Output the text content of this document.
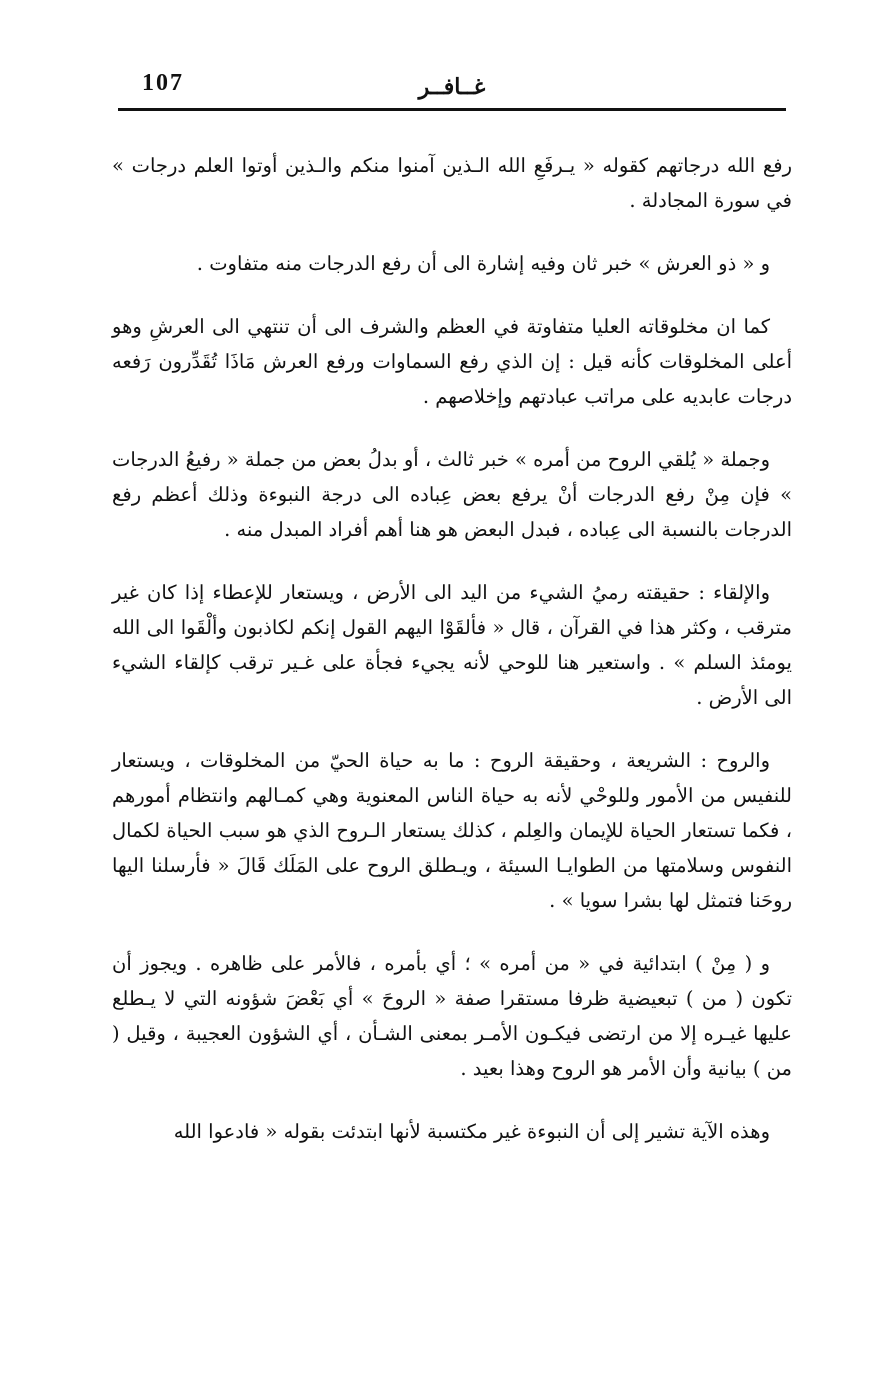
107	غــافــر

رفع الله درجاتهم كقوله « يـرفَعِ الله الـذين آمنوا منكم والـذين أوتوا العلم درجات » في سورة المجادلة .

و « ذو العرش » خبر ثان وفيه إشارة الى أن رفع الدرجات منه متفاوت .

كما ان مخلوقاته العليا متفاوتة في العظم والشرف الى أن تنتهي الى العرشِ وهو أعلى المخلوقات كأنه قيل : إن الذي رفع السماوات ورفع العرش مَاذَا تُقَدِّرون رَفعه درجات عابديه على مراتب عبادتهم وإخلاصهم .

وجملة « يُلقي الروح من أمره » خبر ثالث ، أو بدلُ بعض من جملة « رفيعُ الدرجات » فإن مِنْ رفع الدرجات أنْ يرفع بعض عِباده الى درجة النبوءة وذلك أعظم رفع الدرجات بالنسبة الى عِباده ، فبدل البعض هو هنا أهم أفراد المبدل منه .

والإلقاء : حقيقته رميُ الشيء من اليد الى الأرض ، ويستعار للإعطاء إذا كان غير مترقب ، وكثر هذا في القرآن ، قال « فألقَوْا اليهم القول إنكم لكاذبون وألْقَوا الى الله يومئذ السلم » . واستعير هنا للوحي لأنه يجيء فجأة على غـير ترقب كإلقاء الشيء الى الأرض .

والروح : الشريعة ، وحقيقة الروح : ما به حياة الحيّ من المخلوقات ، ويستعار للنفيس من الأمور وللوحْي لأنه به حياة الناس المعنوية وهي كمـالهم وانتظام أمورهم ، فكما تستعار الحياة للإيمان والعِلم ، كذلك يستعار الـروح الذي هو سبب الحياة لكمال النفوس وسلامتها من الطوايـا السيئة ، ويـطلق الروح على المَلَك قَالَ « فأرسلنا اليها روحَنا فتمثل لها بشرا سويا » .

و ( مِنْ ) ابتدائية في « من أمره » ؛ أي بأمره ، فالأمر على ظاهره . ويجوز أن تكون ( من ) تبعيضية ظرفا مستقرا صفة « الروحَ » أي بَعْضَ شؤونه التي لا يـطلع عليها غيـره إلا من ارتضى فيكـون الأمـر بمعنى الشـأن ، أي الشؤون العجيبة ، وقيل ( من ) بيانية وأن الأمر هو الروح وهذا بعيد .

وهذه الآية تشير إلى أن النبوءة غير مكتسبة لأنها ابتدئت بقوله « فادعوا الله
